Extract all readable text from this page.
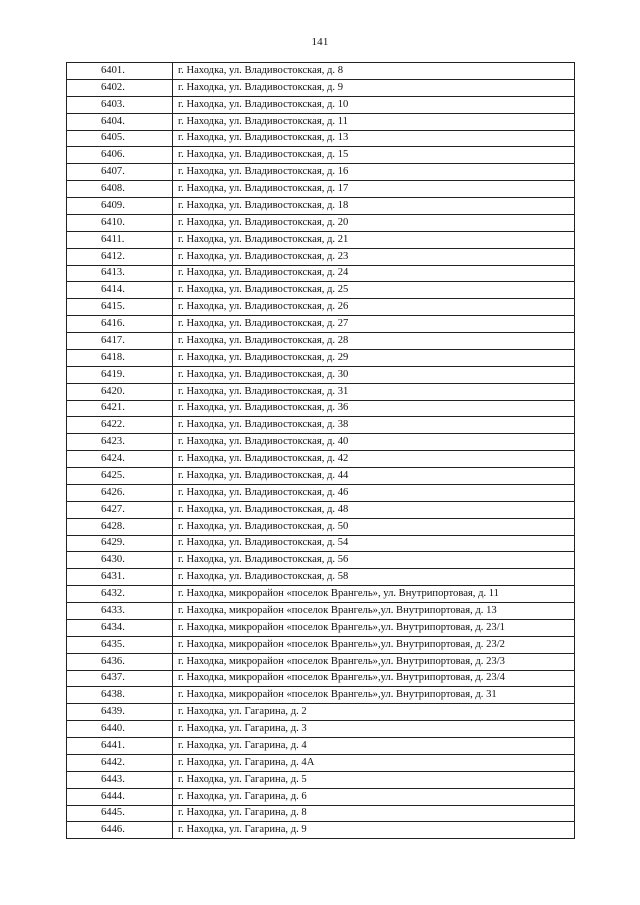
141
6401.	г. Находка, ул. Владивостокская, д. 8
6402.	г. Находка, ул. Владивостокская, д. 9
6403.	г. Находка, ул. Владивостокская, д. 10
6404.	г. Находка, ул. Владивостокская, д. 11
6405.	г. Находка, ул. Владивостокская, д. 13
6406.	г. Находка, ул. Владивостокская, д. 15
6407.	г. Находка, ул. Владивостокская, д. 16
6408.	г. Находка, ул. Владивостокская, д. 17
6409.	г. Находка, ул. Владивостокская, д. 18
6410.	г. Находка, ул. Владивостокская, д. 20
6411.	г. Находка, ул. Владивостокская, д. 21
6412.	г. Находка, ул. Владивостокская, д. 23
6413.	г. Находка, ул. Владивостокская, д. 24
6414.	г. Находка, ул. Владивостокская, д. 25
6415.	г. Находка, ул. Владивостокская, д. 26
6416.	г. Находка, ул. Владивостокская, д. 27
6417.	г. Находка, ул. Владивостокская, д. 28
6418.	г. Находка, ул. Владивостокская, д. 29
6419.	г. Находка, ул. Владивостокская, д. 30
6420.	г. Находка, ул. Владивостокская, д. 31
6421.	г. Находка, ул. Владивостокская, д. 36
6422.	г. Находка, ул. Владивостокская, д. 38
6423.	г. Находка, ул. Владивостокская, д. 40
6424.	г. Находка, ул. Владивостокская, д. 42
6425.	г. Находка, ул. Владивостокская, д. 44
6426.	г. Находка, ул. Владивостокская, д. 46
6427.	г. Находка, ул. Владивостокская, д. 48
6428.	г. Находка, ул. Владивостокская, д. 50
6429.	г. Находка, ул. Владивостокская, д. 54
6430.	г. Находка, ул. Владивостокская, д. 56
6431.	г. Находка, ул. Владивостокская, д. 58
6432.	г. Находка, микрорайон «поселок Врангель», ул. Внутрипортовая, д. 11
6433.	г. Находка, микрорайон «поселок Врангель»,ул. Внутрипортовая, д. 13
6434.	г. Находка, микрорайон «поселок Врангель»,ул. Внутрипортовая, д. 23/1
6435.	г. Находка, микрорайон «поселок Врангель»,ул. Внутрипортовая, д. 23/2
6436.	г. Находка, микрорайон «поселок Врангель»,ул. Внутрипортовая, д. 23/3
6437.	г. Находка, микрорайон «поселок Врангель»,ул. Внутрипортовая, д. 23/4
6438.	г. Находка, микрорайон «поселок Врангель»,ул. Внутрипортовая, д. 31
6439.	г. Находка, ул. Гагарина, д. 2
6440.	г. Находка, ул. Гагарина, д. 3
6441.	г. Находка, ул. Гагарина, д. 4
6442.	г. Находка, ул. Гагарина, д. 4А
6443.	г. Находка, ул. Гагарина, д. 5
6444.	г. Находка, ул. Гагарина, д. 6
6445.	г. Находка, ул. Гагарина, д. 8
6446.	г. Находка, ул. Гагарина, д. 9
